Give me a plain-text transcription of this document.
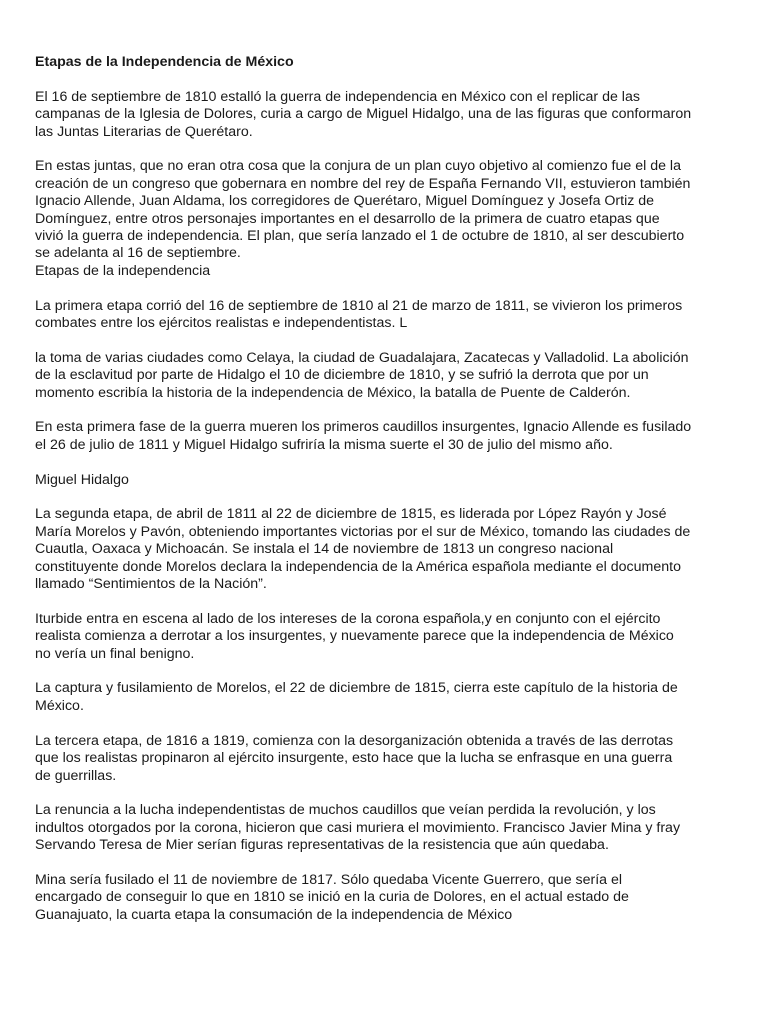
Etapas de la Independencia de México

El 16 de septiembre de 1810 estalló la guerra de independencia en México con el replicar de las
campanas de la Iglesia de Dolores, curia a cargo de Miguel Hidalgo, una de las figuras que conformaron
las Juntas Literarias de Querétaro.

En estas juntas, que no eran otra cosa que la conjura de un plan cuyo objetivo al comienzo fue el de la
creación de un congreso que gobernara en nombre del rey de España Fernando VII, estuvieron también
Ignacio Allende, Juan Aldama, los corregidores de Querétaro, Miguel Domínguez y Josefa Ortiz de
Domínguez, entre otros personajes importantes en el desarrollo de la primera de cuatro etapas que
vivió la guerra de independencia. El plan, que sería lanzado el 1 de octubre de 1810, al ser descubierto
se adelanta al 16 de septiembre.

Etapas de la independencia

La primera etapa corrió del 16 de septiembre de 1810 al 21 de marzo de 1811, se vivieron los primeros
combates entre los ejércitos realistas e independentistas. L

la toma de varias ciudades como Celaya, la ciudad de Guadalajara, Zacatecas y Valladolid. La abolición
de la esclavitud por parte de Hidalgo el 10 de diciembre de 1810, y se sufrió la derrota que por un
momento escribía la historia de la independencia de México, la batalla de Puente de Calderón.

En esta primera fase de la guerra mueren los primeros caudillos insurgentes, Ignacio Allende es fusilado
el 26 de julio de 1811 y Miguel Hidalgo sufriría la misma suerte el 30 de julio del mismo año.

Miguel Hidalgo

La segunda etapa, de abril de 1811 al 22 de diciembre de 1815, es liderada por López Rayón y José
María Morelos y Pavón, obteniendo importantes victorias por el sur de México, tomando las ciudades de
Cuautla, Oaxaca y Michoacán. Se instala el 14 de noviembre de 1813 un congreso nacional
constituyente donde Morelos declara la independencia de la América española mediante el documento
llamado “Sentimientos de la Nación”.

Iturbide entra en escena al lado de los intereses de la corona española,y en conjunto con el ejército
realista comienza a derrotar a los insurgentes, y nuevamente parece que la independencia de México
no vería un final benigno.

La captura y fusilamiento de Morelos, el 22 de diciembre de 1815, cierra este capítulo de la historia de
México.

La tercera etapa, de 1816 a 1819, comienza con la desorganización obtenida a través de las derrotas
que los realistas propinaron al ejército insurgente, esto hace que la lucha se enfrasque en una guerra
de guerrillas.

La renuncia a la lucha independentistas de muchos caudillos que veían perdida la revolución, y los
indultos otorgados por la corona, hicieron que casi muriera el movimiento. Francisco Javier Mina y fray
Servando Teresa de Mier serían figuras representativas de la resistencia que aún quedaba.

Mina sería fusilado el 11 de noviembre de 1817. Sólo quedaba Vicente Guerrero, que sería el
encargado de conseguir lo que en 1810 se inició en la curia de Dolores, en el actual estado de
Guanajuato, la cuarta etapa la consumación de la independencia de México
